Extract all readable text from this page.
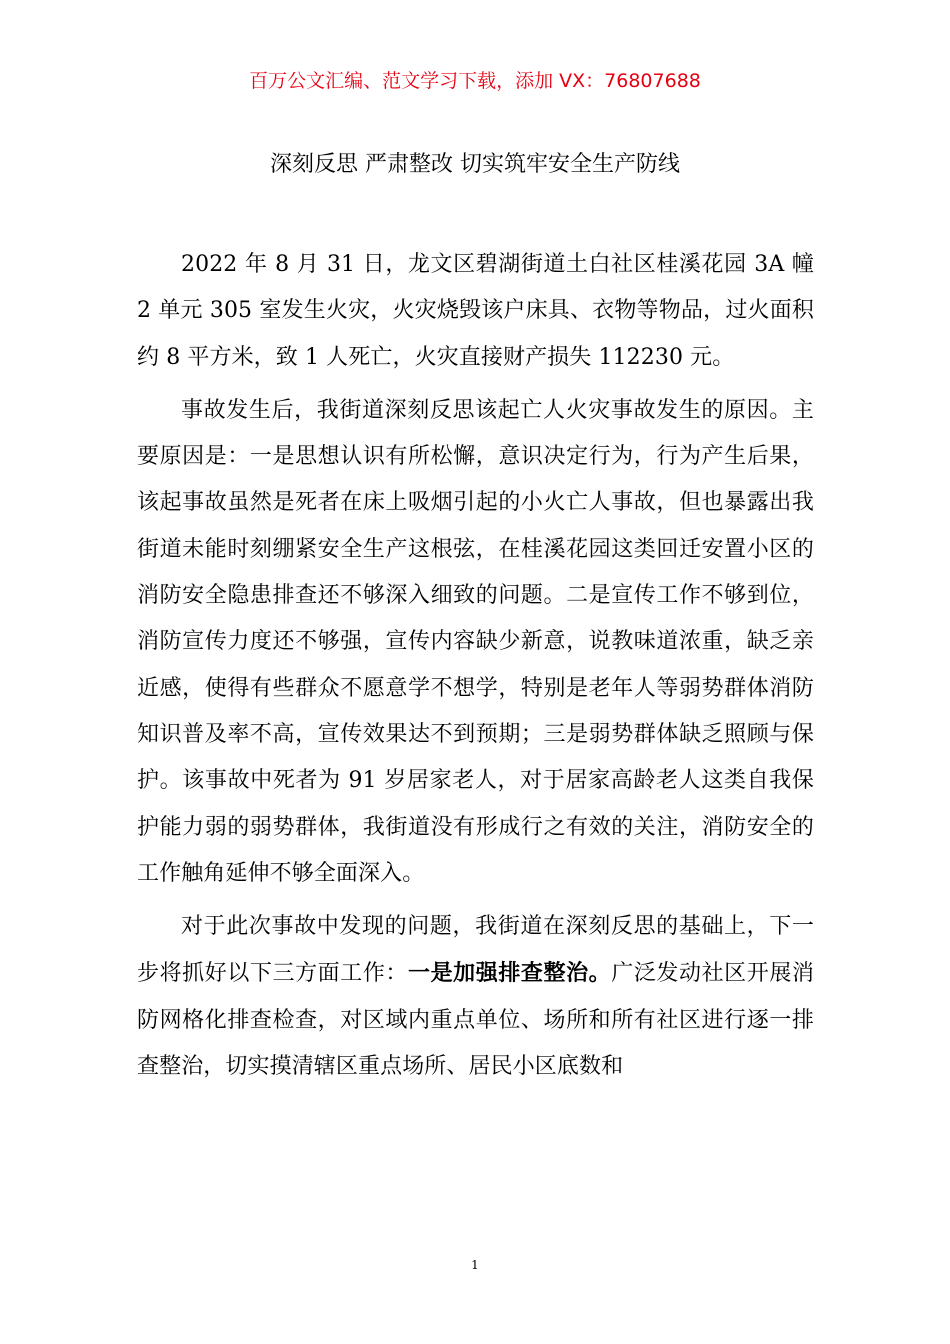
百万公文汇编、范文学习下载，添加 VX：76807688
深刻反思 严肃整改 切实筑牢安全生产防线

2022 年 8 月 31 日，龙文区碧湖街道土白社区桂溪花园 3A 幢 2 单元 305 室发生火灾，火灾烧毁该户床具、衣物等物品，过火面积约 8 平方米，致 1 人死亡，火灾直接财产损失 112230 元。

事故发生后，我街道深刻反思该起亡人火灾事故发生的原因。主要原因是：一是思想认识有所松懈，意识决定行为，行为产生后果，该起事故虽然是死者在床上吸烟引起的小火亡人事故，但也暴露出我街道未能时刻绷紧安全生产这根弦，在桂溪花园这类回迁安置小区的消防安全隐患排查还不够深入细致的问题。二是宣传工作不够到位，消防宣传力度还不够强，宣传内容缺少新意，说教味道浓重，缺乏亲近感，使得有些群众不愿意学不想学，特别是老年人等弱势群体消防知识普及率不高，宣传效果达不到预期；三是弱势群体缺乏照顾与保护。该事故中死者为 91 岁居家老人，对于居家高龄老人这类自我保护能力弱的弱势群体，我街道没有形成行之有效的关注，消防安全的工作触角延伸不够全面深入。

对于此次事故中发现的问题，我街道在深刻反思的基础上，下一步将抓好以下三方面工作：一是加强排查整治。广泛发动社区开展消防网格化排查检查，对区域内重点单位、场所和所有社区进行逐一排查整治，切实摸清辖区重点场所、居民小区底数和

1
